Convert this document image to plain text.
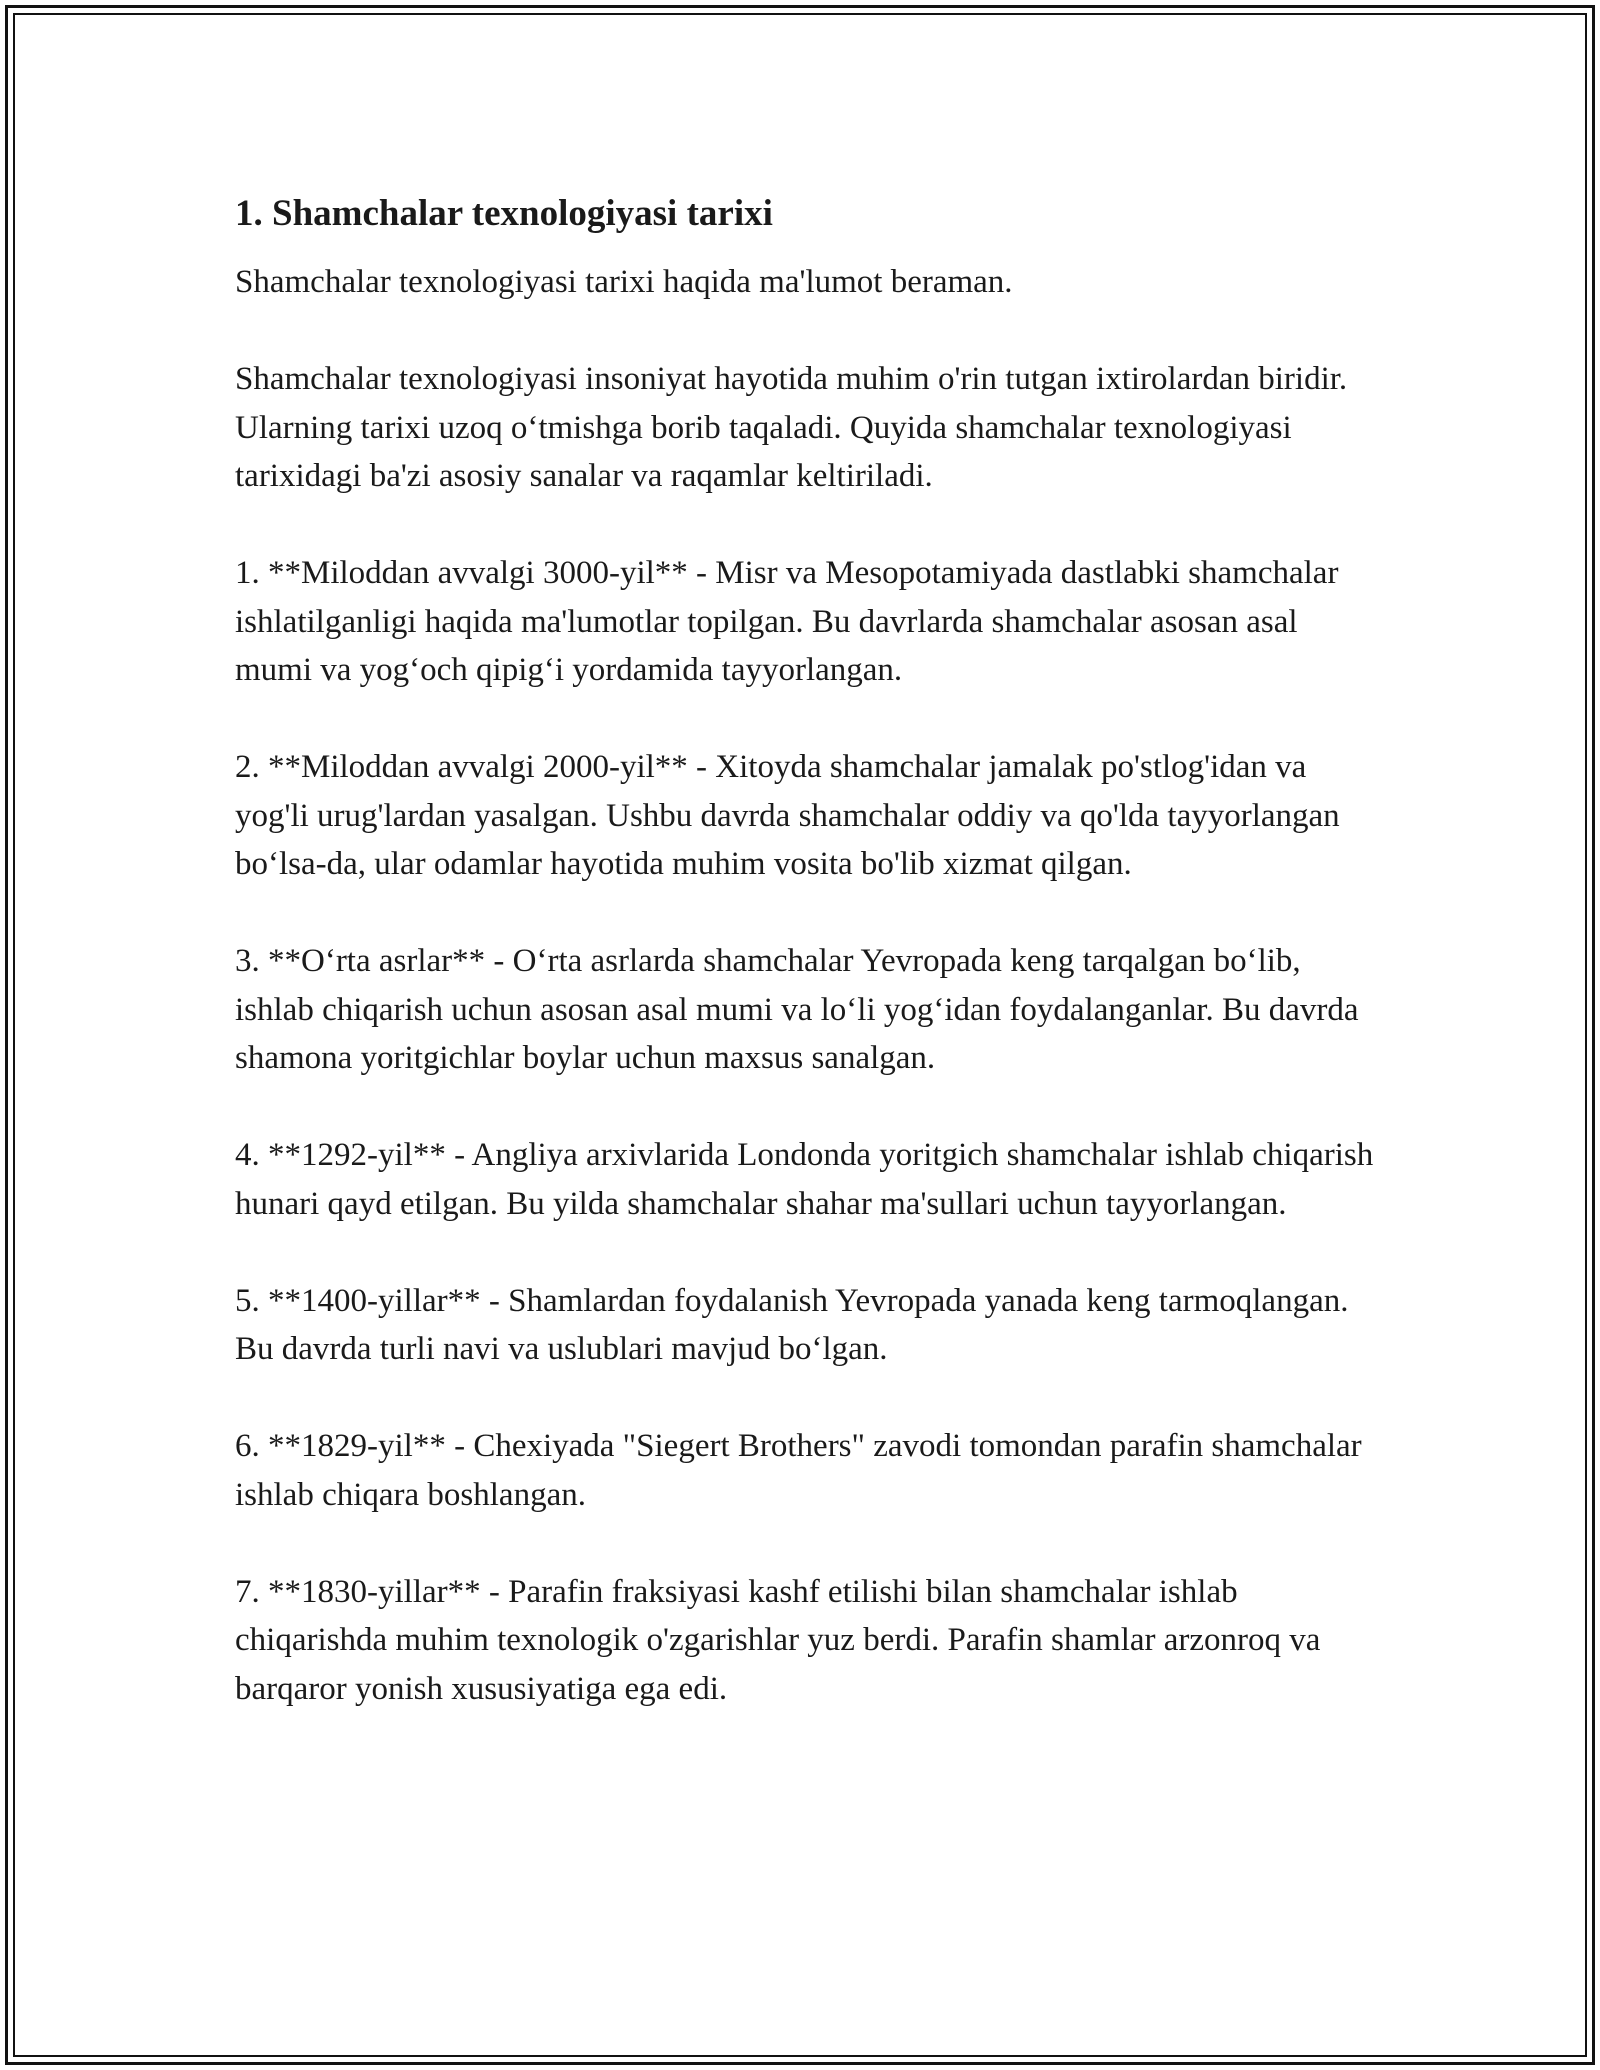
1. Shamchalar texnologiyasi tarixi

Shamchalar texnologiyasi tarixi haqida ma'lumot beraman.

Shamchalar texnologiyasi insoniyat hayotida muhim o'rin tutgan ixtirolardan biridir. Ularning tarixi uzoq o‘tmishga borib taqaladi. Quyida shamchalar texnologiyasi tarixidagi ba'zi asosiy sanalar va raqamlar keltiriladi.

1. **Miloddan avvalgi 3000-yil** - Misr va Mesopotamiyada dastlabki shamchalar ishlatilganligi haqida ma'lumotlar topilgan. Bu davrlarda shamchalar asosan asal mumi va yog‘och qipig‘i yordamida tayyorlangan.

2. **Miloddan avvalgi 2000-yil** - Xitoyda shamchalar jamalak po'stlog'idan va yog'li urug'lardan yasalgan. Ushbu davrda shamchalar oddiy va qo'lda tayyorlangan bo‘lsa-da, ular odamlar hayotida muhim vosita bo'lib xizmat qilgan.

3. **O‘rta asrlar** - O‘rta asrlarda shamchalar Yevropada keng tarqalgan bo‘lib, ishlab chiqarish uchun asosan asal mumi va lo‘li yog‘idan foydalanganlar. Bu davrda shamona yoritgichlar boylar uchun maxsus sanalgan.

4. **1292-yil** - Angliya arxivlarida Londonda yoritgich shamchalar ishlab chiqarish hunari qayd etilgan. Bu yilda shamchalar shahar ma'sullari uchun tayyorlangan.

5. **1400-yillar** - Shamlardan foydalanish Yevropada yanada keng tarmoqlangan. Bu davrda turli navi va uslublari mavjud bo‘lgan.

6. **1829-yil** - Chexiyada "Siegert Brothers" zavodi tomondan parafin shamchalar ishlab chiqara boshlangan.

7. **1830-yillar** - Parafin fraksiyasi kashf etilishi bilan shamchalar ishlab chiqarishda muhim texnologik o'zgarishlar yuz berdi. Parafin shamlar arzonroq va barqaror yonish xususiyatiga ega edi.
